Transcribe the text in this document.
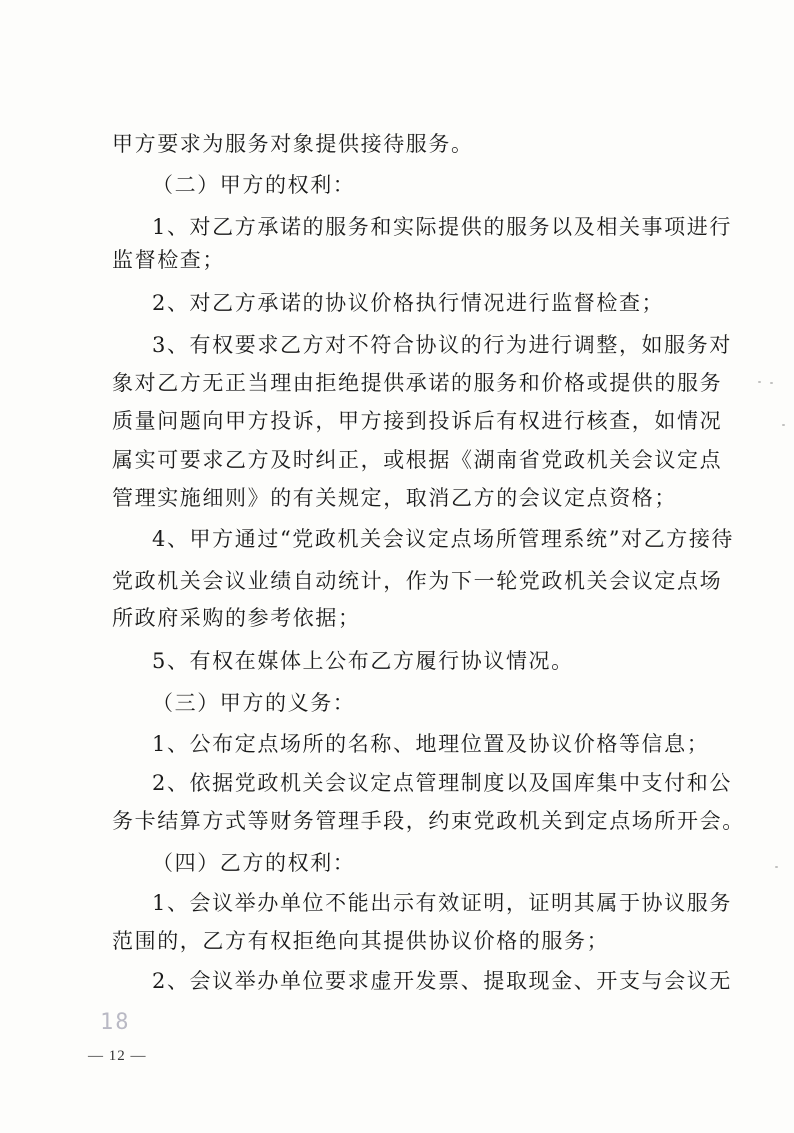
甲方要求为服务对象提供接待服务。
（二）甲方的权利：
1、对乙方承诺的服务和实际提供的服务以及相关事项进行
监督检查；
2、对乙方承诺的协议价格执行情况进行监督检查；
3、有权要求乙方对不符合协议的行为进行调整，如服务对
象对乙方无正当理由拒绝提供承诺的服务和价格或提供的服务
质量问题向甲方投诉，甲方接到投诉后有权进行核查，如情况
属实可要求乙方及时纠正，或根据《湖南省党政机关会议定点
管理实施细则》的有关规定，取消乙方的会议定点资格；
4、甲方通过“党政机关会议定点场所管理系统”对乙方接待
党政机关会议业绩自动统计，作为下一轮党政机关会议定点场
所政府采购的参考依据；
5、有权在媒体上公布乙方履行协议情况。
（三）甲方的义务：
1、公布定点场所的名称、地理位置及协议价格等信息；
2、依据党政机关会议定点管理制度以及国库集中支付和公
务卡结算方式等财务管理手段，约束党政机关到定点场所开会。
（四）乙方的权利：
1、会议举办单位不能出示有效证明，证明其属于协议服务
范围的，乙方有权拒绝向其提供协议价格的服务；
2、会议举办单位要求虚开发票、提取现金、开支与会议无
18
— 12 —
